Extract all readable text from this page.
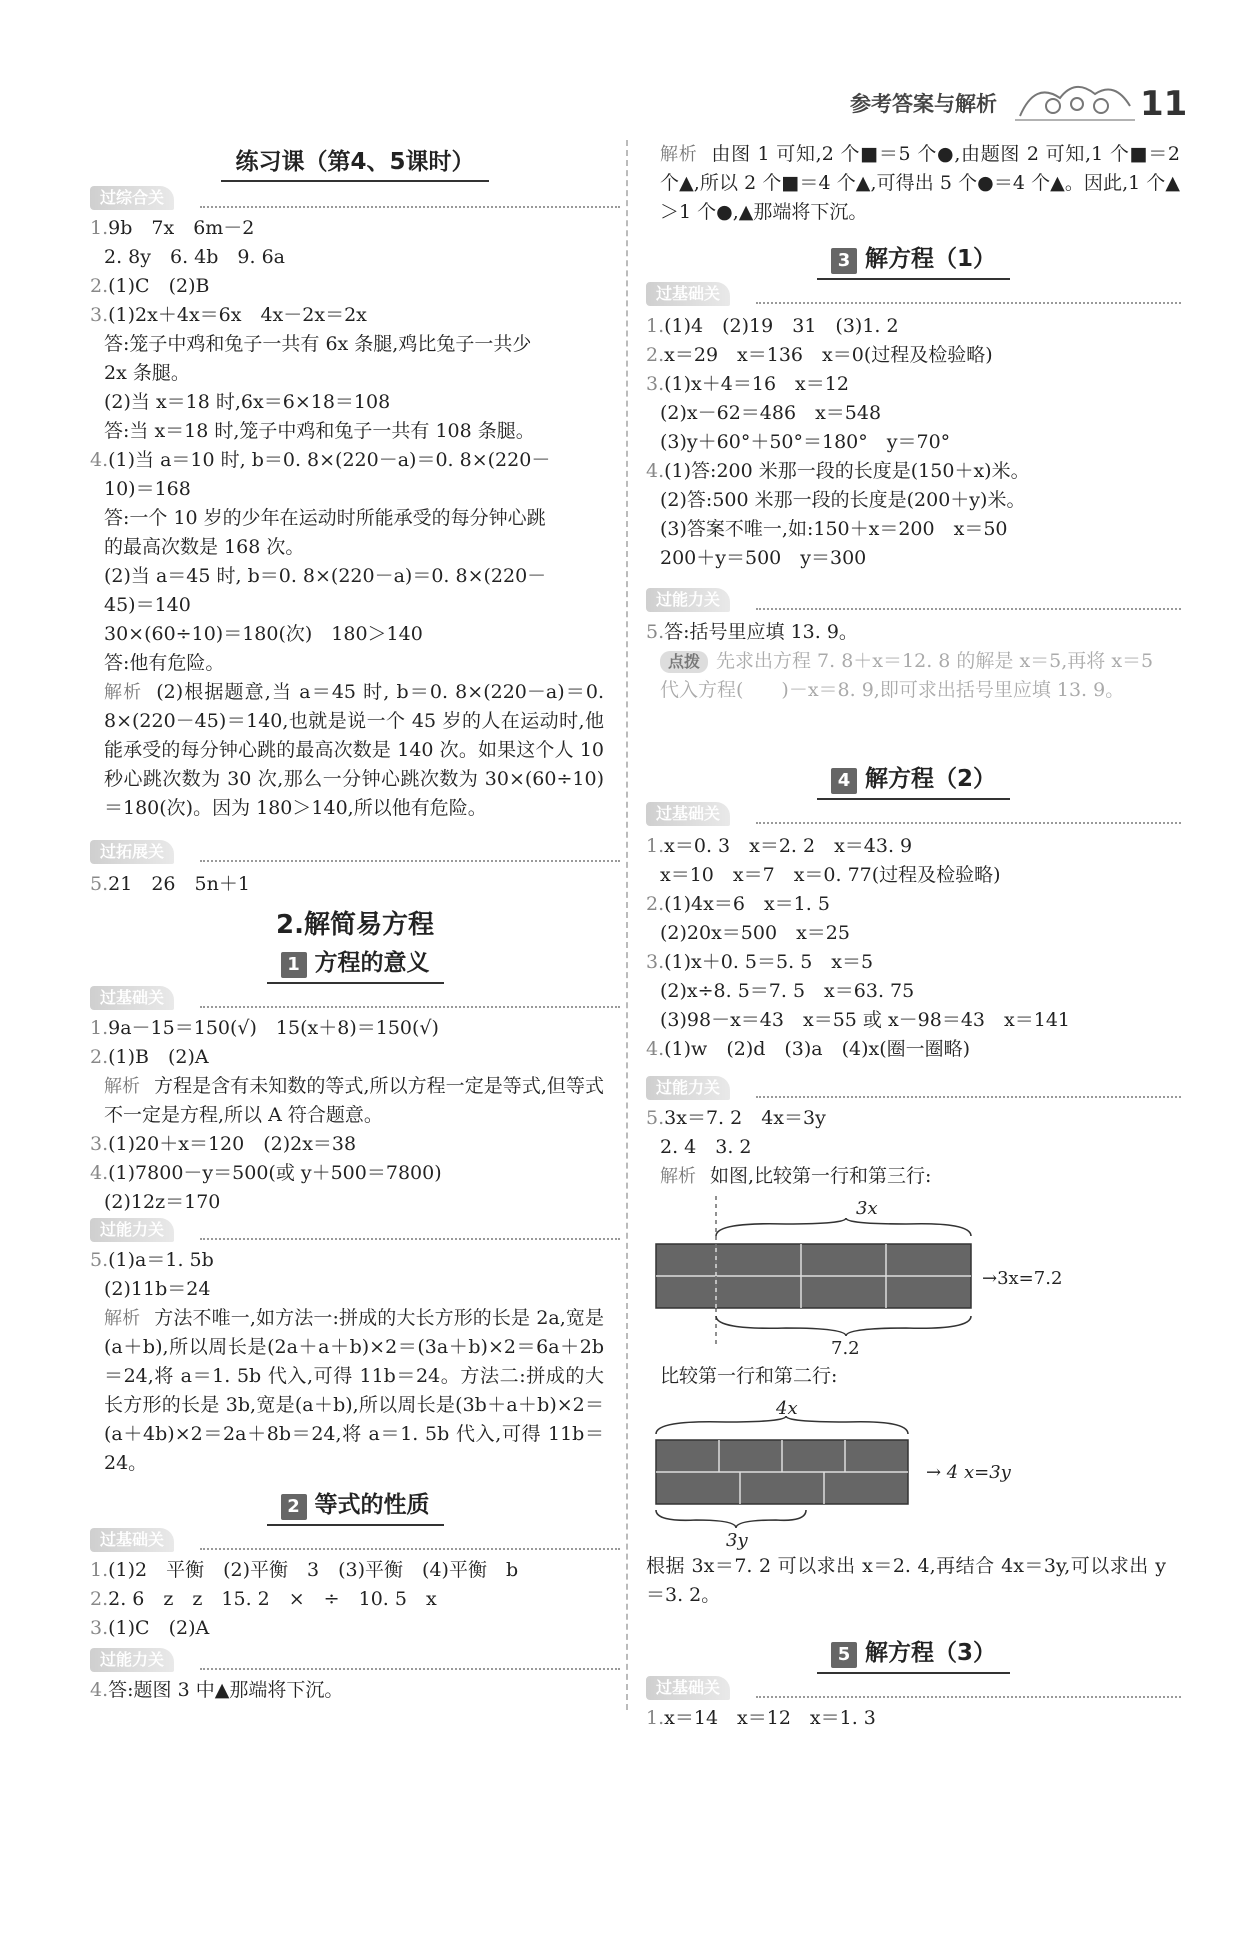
参考答案与解析	11
练习课（第4、5课时）
过综合关
1.9b　7x　6m－2
2. 8y　6. 4b　9. 6a
2.(1)C　(2)B
3.(1)2x＋4x＝6x　4x－2x＝2x
答:笼子中鸡和兔子一共有 6x 条腿,鸡比兔子一共少
2x 条腿。
(2)当 x＝18 时,6x＝6×18＝108
答:当 x＝18 时,笼子中鸡和兔子一共有 108 条腿。
4.(1)当 a＝10 时, b＝0. 8×(220－a)＝0. 8×(220－
10)＝168
答:一个 10 岁的少年在运动时所能承受的每分钟心跳
的最高次数是 168 次。
(2)当 a＝45 时, b＝0. 8×(220－a)＝0. 8×(220－
45)＝140
30×(60÷10)＝180(次)　180＞140
答:他有危险。
解析 (2)根据题意,当 a＝45 时, b＝0. 8×(220－a)＝0. 8×(220－45)＝140,也就是说一个 45 岁的人在运动时,他能承受的每分钟心跳的最高次数是 140 次。如果这个人 10 秒心跳次数为 30 次,那么一分钟心跳次数为 30×(60÷10)＝180(次)。因为 180＞140,所以他有危险。
过拓展关
5.21　26　5n＋1
2.解简易方程
1 方程的意义
过基础关
1.9a－15＝150(√)　15(x＋8)＝150(√)
2.(1)B　(2)A
解析 方程是含有未知数的等式,所以方程一定是等式,但等式不一定是方程,所以 A 符合题意。
3.(1)20＋x＝120　(2)2x＝38
4.(1)7800－y＝500(或 y＋500＝7800)
(2)12z＝170
过能力关
5.(1)a＝1. 5b
(2)11b＝24
解析 方法不唯一,如方法一:拼成的大长方形的长是 2a,宽是(a＋b),所以周长是(2a＋a＋b)×2＝(3a＋b)×2＝6a＋2b＝24,将 a＝1. 5b 代入,可得 11b＝24。方法二:拼成的大长方形的长是 3b,宽是(a＋b),所以周长是(3b＋a＋b)×2＝(a＋4b)×2＝2a＋8b＝24,将 a＝1. 5b 代入,可得 11b＝24。
2 等式的性质
过基础关
1.(1)2　平衡　(2)平衡　3　(3)平衡　(4)平衡　b
2.2. 6　z　z　15. 2　×　÷　10. 5　x
3.(1)C　(2)A
过能力关
4.答:题图 3 中▲那端将下沉。
解析 由图 1 可知,2 个■＝5 个●,由题图 2 可知,1 个■＝2 个▲,所以 2 个■＝4 个▲,可得出 5 个●＝4 个▲。因此,1 个▲＞1 个●,▲那端将下沉。
3 解方程（1）
过基础关
1.(1)4　(2)19　31　(3)1. 2
2.x＝29　x＝136　x＝0(过程及检验略)
3.(1)x＋4＝16　x＝12
(2)x－62＝486　x＝548
(3)y＋60°＋50°＝180°　y＝70°
4.(1)答:200 米那一段的长度是(150＋x)米。
(2)答:500 米那一段的长度是(200＋y)米。
(3)答案不唯一,如:150＋x＝200　x＝50
200＋y＝500　y＝300
过能力关
5.答:括号里应填 13. 9。
点拨 先求出方程 7. 8＋x＝12. 8 的解是 x＝5,再将 x＝5 代入方程(　　)－x＝8. 9,即可求出括号里应填 13. 9。
4 解方程（2）
过基础关
1.x＝0. 3　x＝2. 2　x＝43. 9
x＝10　x＝7　x＝0. 77(过程及检验略)
2.(1)4x＝6　x＝1. 5
(2)20x＝500　x＝25
3.(1)x＋0. 5＝5. 5　x＝5
(2)x÷8. 5＝7. 5　x＝63. 75
(3)98－x＝43　x＝55 或 x－98＝43　x＝141
4.(1)w　(2)d　(3)a　(4)x(圈一圈略)
过能力关
5.3x＝7. 2　4x＝3y
2. 4　3. 2
解析 如图,比较第一行和第三行:
3x
7.2
→3x=7.2
比较第一行和第二行:
4x
3y
→ 4 x=3y
根据 3x＝7. 2 可以求出 x＝2. 4,再结合 4x＝3y,可以求出 y＝3. 2。
5 解方程（3）
过基础关
1.x＝14　x＝12　x＝1. 3
